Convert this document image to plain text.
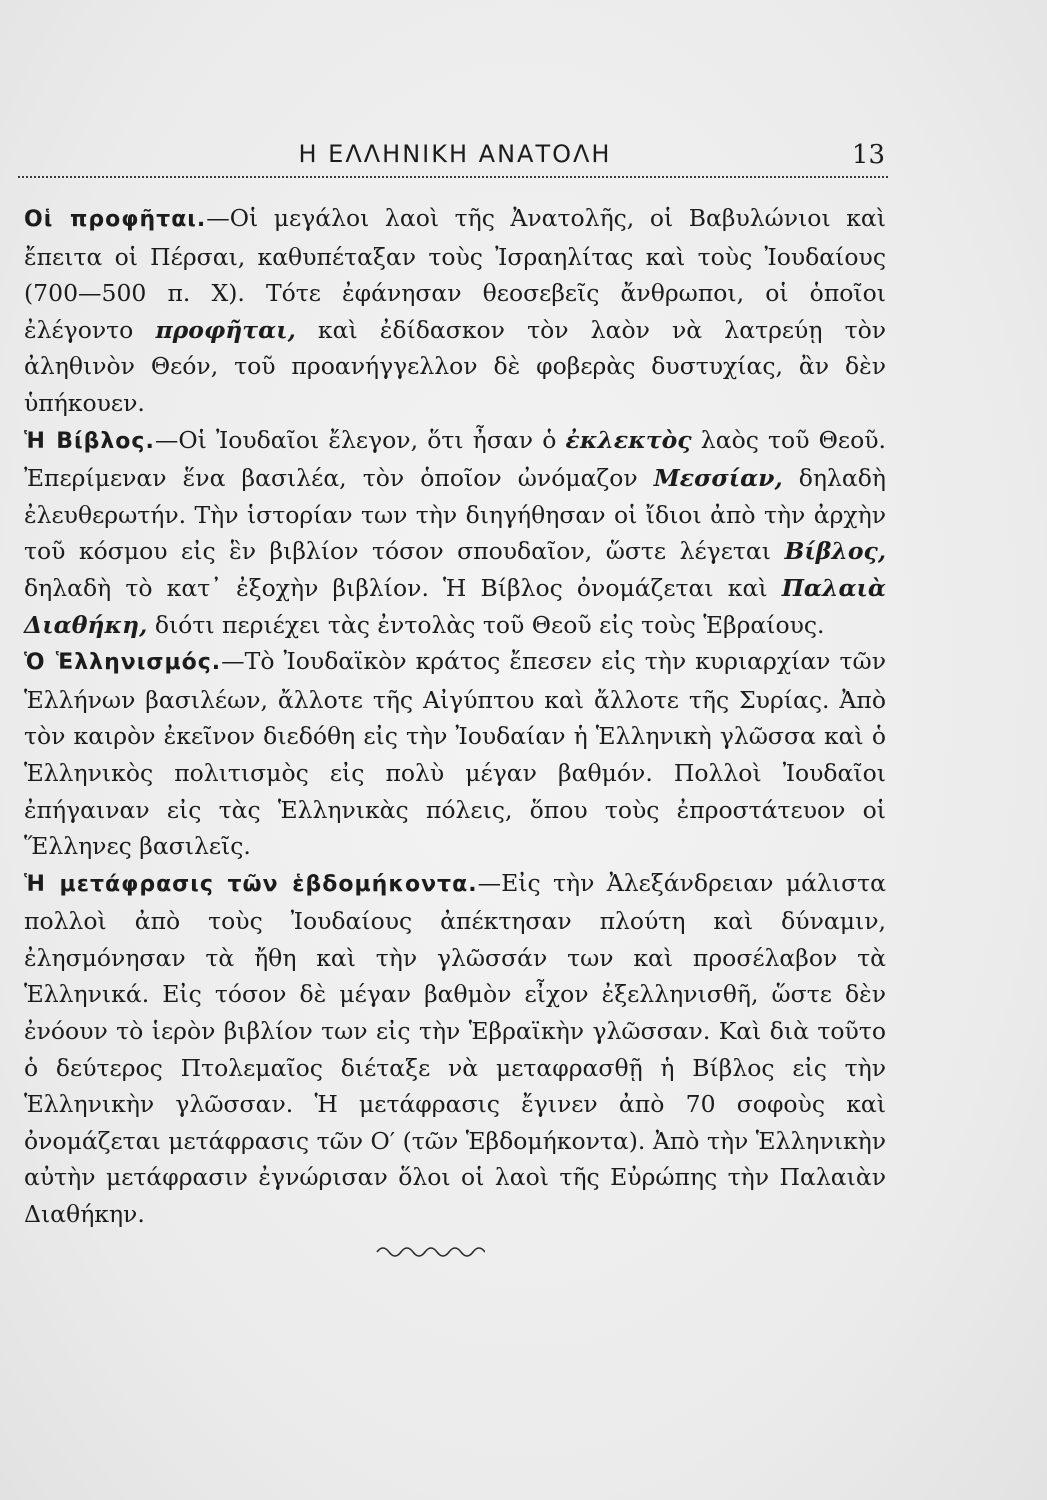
Η ΕΛΛΗΝΙΚΗ ΑΝΑΤΟΛΗ	13

Οἱ προφῆται.—Οἱ μεγάλοι λαοὶ τῆς Ἀνατολῆς, οἱ Βαβυλώνιοι καὶ ἔπειτα οἱ Πέρσαι, καθυπέταξαν τοὺς Ἰσραηλίτας καὶ τοὺς Ἰουδαίους (700—500 π. Χ). Τότε ἐφάνησαν θεοσεβεῖς ἄνθρωποι, οἱ ὁποῖοι ἐλέγοντο προφῆται, καὶ ἐδίδασκον τὸν λαὸν νὰ λατρεύῃ τὸν ἀληθινὸν Θεόν, τοῦ προανήγγελλον δὲ φοβερὰς δυστυχίας, ἂν δὲν ὑπήκουεν.

Ἡ Βίβλος.—Οἱ Ἰουδαῖοι ἔλεγον, ὅτι ἦσαν ὁ ἐκλεκτὸς λαὸς τοῦ Θεοῦ. Ἐπερίμεναν ἕνα βασιλέα, τὸν ὁποῖον ὠνόμαζον Μεσσίαν, δηλαδὴ ἐλευθερωτήν. Τὴν ἱστορίαν των τὴν διηγήθησαν οἱ ἴδιοι ἀπὸ τὴν ἀρχὴν τοῦ κόσμου εἰς ἓν βιβλίον τόσον σπουδαῖον, ὥστε λέγεται Βίβλος, δηλαδὴ τὸ κατ᾿ ἐξοχὴν βιβλίον. Ἡ Βίβλος ὀνομάζεται καὶ Παλαιὰ Διαθήκη, διότι περιέχει τὰς ἐντολὰς τοῦ Θεοῦ εἰς τοὺς Ἑβραίους.

Ὁ Ἑλληνισμός.—Τὸ Ἰουδαϊκὸν κράτος ἔπεσεν εἰς τὴν κυριαρχίαν τῶν Ἑλλήνων βασιλέων, ἄλλοτε τῆς Αἰγύπτου καὶ ἄλλοτε τῆς Συρίας. Ἀπὸ τὸν καιρὸν ἐκεῖνον διεδόθη εἰς τὴν Ἰουδαίαν ἡ Ἑλληνικὴ γλῶσσα καὶ ὁ Ἑλληνικὸς πολιτισμὸς εἰς πολὺ μέγαν βαθμόν. Πολλοὶ Ἰουδαῖοι ἐπήγαιναν εἰς τὰς Ἑλληνικὰς πόλεις, ὅπου τοὺς ἐπροστάτευον οἱ Ἕλληνες βασιλεῖς.

Ἡ μετάφρασις τῶν ἑβδομήκοντα.—Εἰς τὴν Ἀλεξάνδρειαν μάλιστα πολλοὶ ἀπὸ τοὺς Ἰουδαίους ἀπέκτησαν πλούτη καὶ δύναμιν, ἐλησμόνησαν τὰ ἤθη καὶ τὴν γλῶσσάν των καὶ προσέλαβον τὰ Ἑλληνικά. Εἰς τόσον δὲ μέγαν βαθμὸν εἶχον ἐξελληνισθῆ, ὥστε δὲν ἐνόουν τὸ ἱερὸν βιβλίον των εἰς τὴν Ἑβραϊκὴν γλῶσσαν. Καὶ διὰ τοῦτο ὁ δεύτερος Πτολεμαῖος διέταξε νὰ μεταφρασθῇ ἡ Βίβλος εἰς τὴν Ἑλληνικὴν γλῶσσαν. Ἡ μετάφρασις ἔγινεν ἀπὸ 70 σοφοὺς καὶ ὀνομάζεται μετάφρασις τῶν Ο′ (τῶν Ἑβδομήκοντα). Ἀπὸ τὴν Ἑλληνικὴν αὐτὴν μετάφρασιν ἐγνώρισαν ὅλοι οἱ λαοὶ τῆς Εὐρώπης τὴν Παλαιὰν Διαθήκην.
